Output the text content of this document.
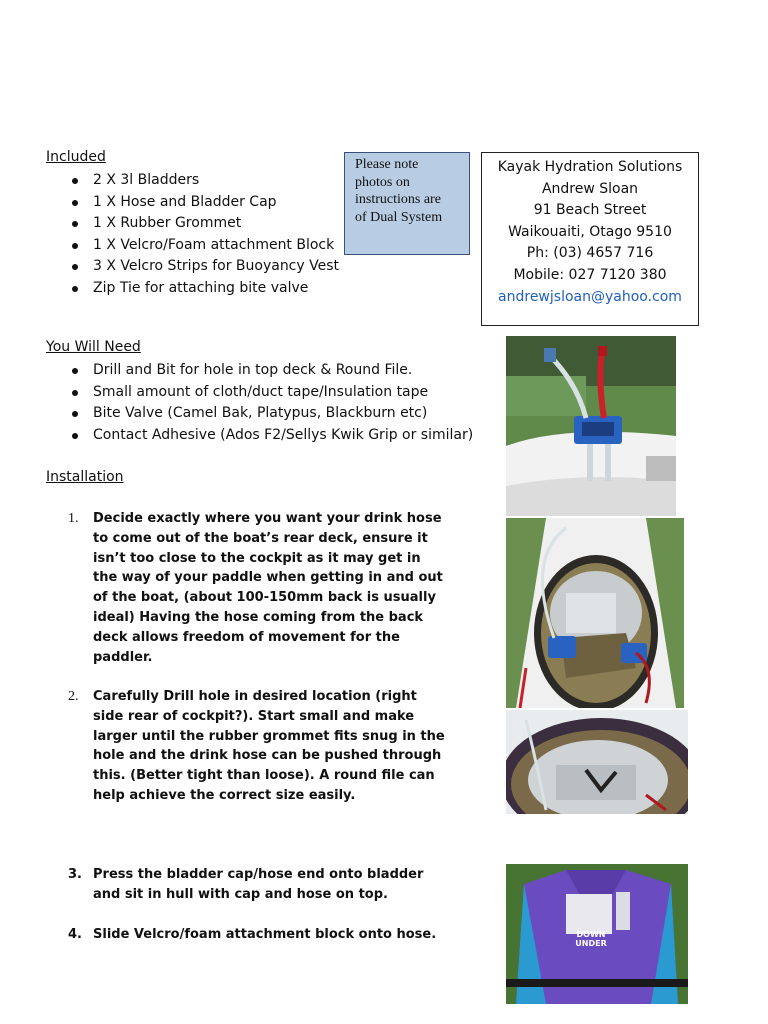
Included
2 X 3l Bladders
1 X Hose and Bladder Cap
1 X Rubber Grommet
1 X Velcro/Foam attachment Block
3 X Velcro Strips for Buoyancy Vest
Zip Tie for attaching bite valve
Please note
photos on
instructions are
of Dual System
Kayak Hydration Solutions
Andrew Sloan
91 Beach Street
Waikouaiti, Otago 9510
Ph: (03) 4657 716
Mobile: 027 7120 380
andrewjsloan@yahoo.com
You Will Need
Drill and Bit for hole in top deck & Round File.
Small amount of cloth/duct tape/Insulation tape
Bite Valve (Camel Bak, Platypus, Blackburn etc)
Contact Adhesive (Ados F2/Sellys Kwik Grip or similar)
Installation
1. Decide exactly where you want your drink hose
to come out of the boat’s rear deck, ensure it
isn’t too close to the cockpit as it may get in
the way of your paddle when getting in and out
of the boat, (about 100-150mm back is usually
ideal) Having the hose coming from the back
deck allows freedom of movement for the
paddler.
2. Carefully Drill hole in desired location (right
side rear of cockpit?). Start small and make
larger until the rubber grommet fits snug in the
hole and the drink hose can be pushed through
this. (Better tight than loose). A round file can
help achieve the correct size easily.
3. Press the bladder cap/hose end onto bladder
and sit in hull with cap and hose on top.
4. Slide Velcro/foam attachment block onto hose.	DOWN
UNDER
